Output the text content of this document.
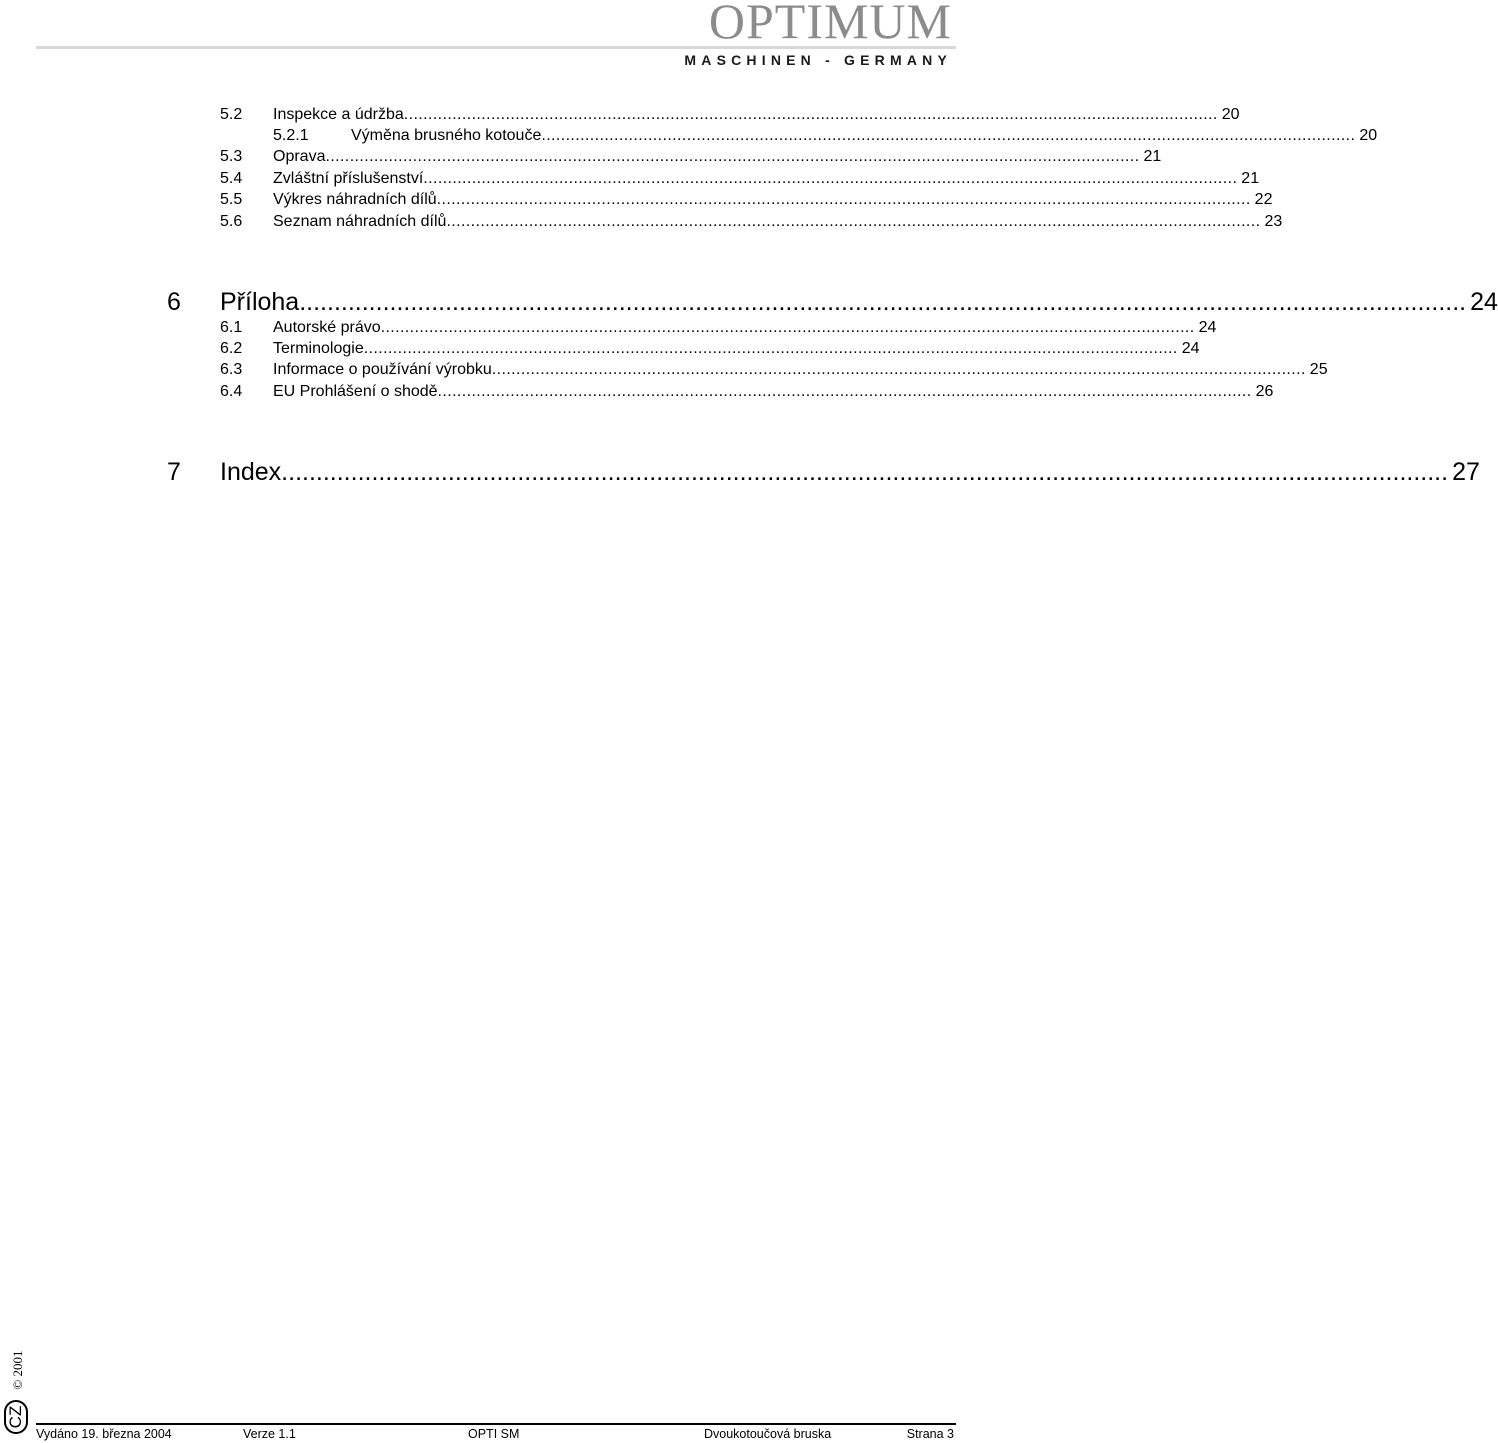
OPTIMUM
MASCHINEN - GERMANY
5.2 Inspekce a údržba ........................................................................................................................................................................ 20
5.2.1	Výměna brusného kotouče ........................................................................................................................................................................ 20
5.3 Oprava ........................................................................................................................................................................ 21
5.4 Zvláštní příslušenství ........................................................................................................................................................................ 21
5.5 Výkres náhradních dílů ........................................................................................................................................................................ 22
5.6 Seznam náhradních dílů ........................................................................................................................................................................ 23
6 Příloha ........................................................................................................................................................................ 24
6.1 Autorské právo ........................................................................................................................................................................ 24
6.2 Terminologie ........................................................................................................................................................................ 24
6.3 Informace o používání výrobku ........................................................................................................................................................................ 25
6.4 EU Prohlášení o shodě ........................................................................................................................................................................ 26
7 Index ........................................................................................................................................................................ 27
© 2001
CZ
Vydáno 19. března 2004	Verze 1.1	OPTI SM	Dvoukotoučová bruska	Strana 3
